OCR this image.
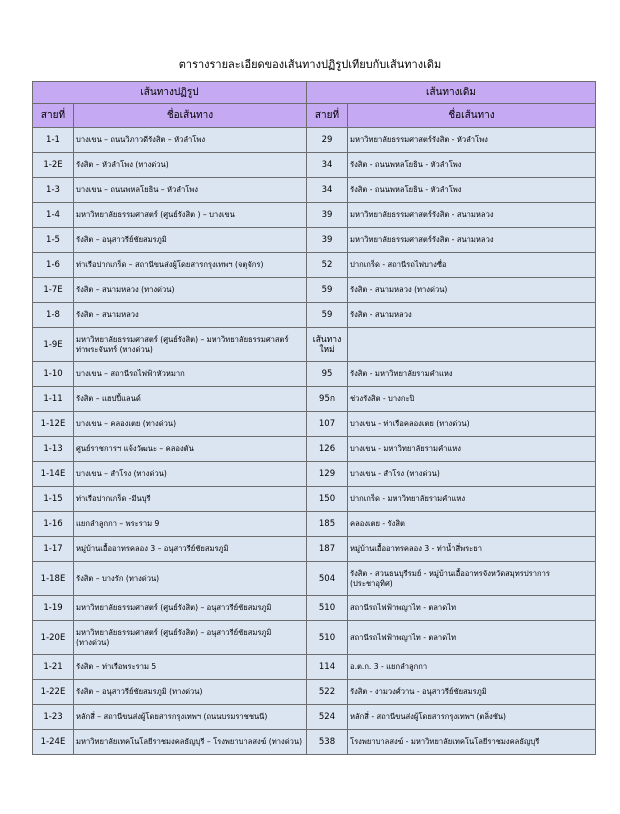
ตารางรายละเอียดของเส้นทางปฏิรูปเทียบกับเส้นทางเดิม
เส้นทางปฏิรูป		เส้นทางเดิม	
สายที่	ชื่อเส้นทาง	สายที่	ชื่อเส้นทาง
1-1	บางเขน – ถนนวิภาวดีรังสิต – หัวลำโพง	29	มหาวิทยาลัยธรรมศาสตร์รังสิต - หัวลำโพง
1-2E	รังสิต – หัวลำโพง (ทางด่วน)	34	รังสิต - ถนนพหลโยธิน - หัวลำโพง
1-3	บางเขน – ถนนพหลโยธิน – หัวลำโพง	34	รังสิต - ถนนพหลโยธิน - หัวลำโพง
1-4	มหาวิทยาลัยธรรมศาสตร์ (ศูนย์รังสิต ) – บางเขน	39	มหาวิทยาลัยธรรมศาสตร์รังสิต - สนามหลวง
1-5	รังสิต – อนุสาวรีย์ชัยสมรภูมิ	39	มหาวิทยาลัยธรรมศาสตร์รังสิต - สนามหลวง
1-6	ท่าเรือปากเกร็ด – สถานีขนส่งผู้โดยสารกรุงเทพฯ (จตุจักร)	52	ปากเกร็ด - สถานีรถไฟบางซื่อ
1-7E	รังสิต – สนามหลวง (ทางด่วน)	59	รังสิต - สนามหลวง (ทางด่วน)
1-8	รังสิต – สนามหลวง	59	รังสิต - สนามหลวง
1-9E	มหาวิทยาลัยธรรมศาสตร์ (ศูนย์รังสิต) – มหาวิทยาลัยธรรมศาสตร์ ท่าพระจันทร์ (ทางด่วน)	เส้นทางใหม่	
1-10	บางเขน – สถานีรถไฟฟ้าหัวหมาก	95	รังสิต - มหาวิทยาลัยรามคำแหง
1-11	รังสิต – แฮปปี้แลนด์	95ก	ช่วงรังสิต - บางกะปิ
1-12E	บางเขน – คลองเตย (ทางด่วน)	107	บางเขน - ท่าเรือคลองเตย (ทางด่วน)
1-13	ศูนย์ราชการฯ แจ้งวัฒนะ – คลองตัน	126	บางเขน - มหาวิทยาลัยรามคำแหง
1-14E	บางเขน – สำโรง (ทางด่วน)	129	บางเขน - สำโรง (ทางด่วน)
1-15	ท่าเรือปากเกร็ด -มีนบุรี	150	ปากเกร็ด - มหาวิทยาลัยรามคำแหง
1-16	แยกลำลูกกา – พระราม 9	185	คลองเตย - รังสิต
1-17	หมู่บ้านเอื้ออาทรคลอง 3 – อนุสาวรีย์ชัยสมรภูมิ	187	หมู่บ้านเอื้ออาทรคลอง 3 - ท่าน้ำสี่พระยา
1-18E	รังสิต – บางรัก (ทางด่วน)	504	รังสิต - สวนธนบุรีรมย์ - หมู่บ้านเอื้ออาทรจังหวัดสมุทรปราการ (ประชาอุทิศ)
1-19	มหาวิทยาลัยธรรมศาสตร์ (ศูนย์รังสิต) – อนุสาวรีย์ชัยสมรภูมิ	510	สถานีรถไฟฟ้าพญาไท - ตลาดไท
1-20E	มหาวิทยาลัยธรรมศาสตร์ (ศูนย์รังสิต) – อนุสาวรีย์ชัยสมรภูมิ (ทางด่วน)	510	สถานีรถไฟฟ้าพญาไท - ตลาดไท
1-21	รังสิต – ท่าเรือพระราม 5	114	อ.ต.ก. 3 - แยกลำลูกกา
1-22E	รังสิต – อนุสาวรีย์ชัยสมรภูมิ (ทางด่วน)	522	รังสิต - งามวงศ์วาน - อนุสาวรีย์ชัยสมรภูมิ
1-23	หลักสี่ – สถานีขนส่งผู้โดยสารกรุงเทพฯ (ถนนบรมราชชนนี)	524	หลักสี่ - สถานีขนส่งผู้โดยสารกรุงเทพฯ (ตลิ่งชัน)
1-24E	มหาวิทยาลัยเทคโนโลยีราชมงคลธัญบุรี – โรงพยาบาลสงฆ์ (ทางด่วน)	538	โรงพยาบาลสงฆ์ - มหาวิทยาลัยเทคโนโลยีราชมงคลธัญบุรี
